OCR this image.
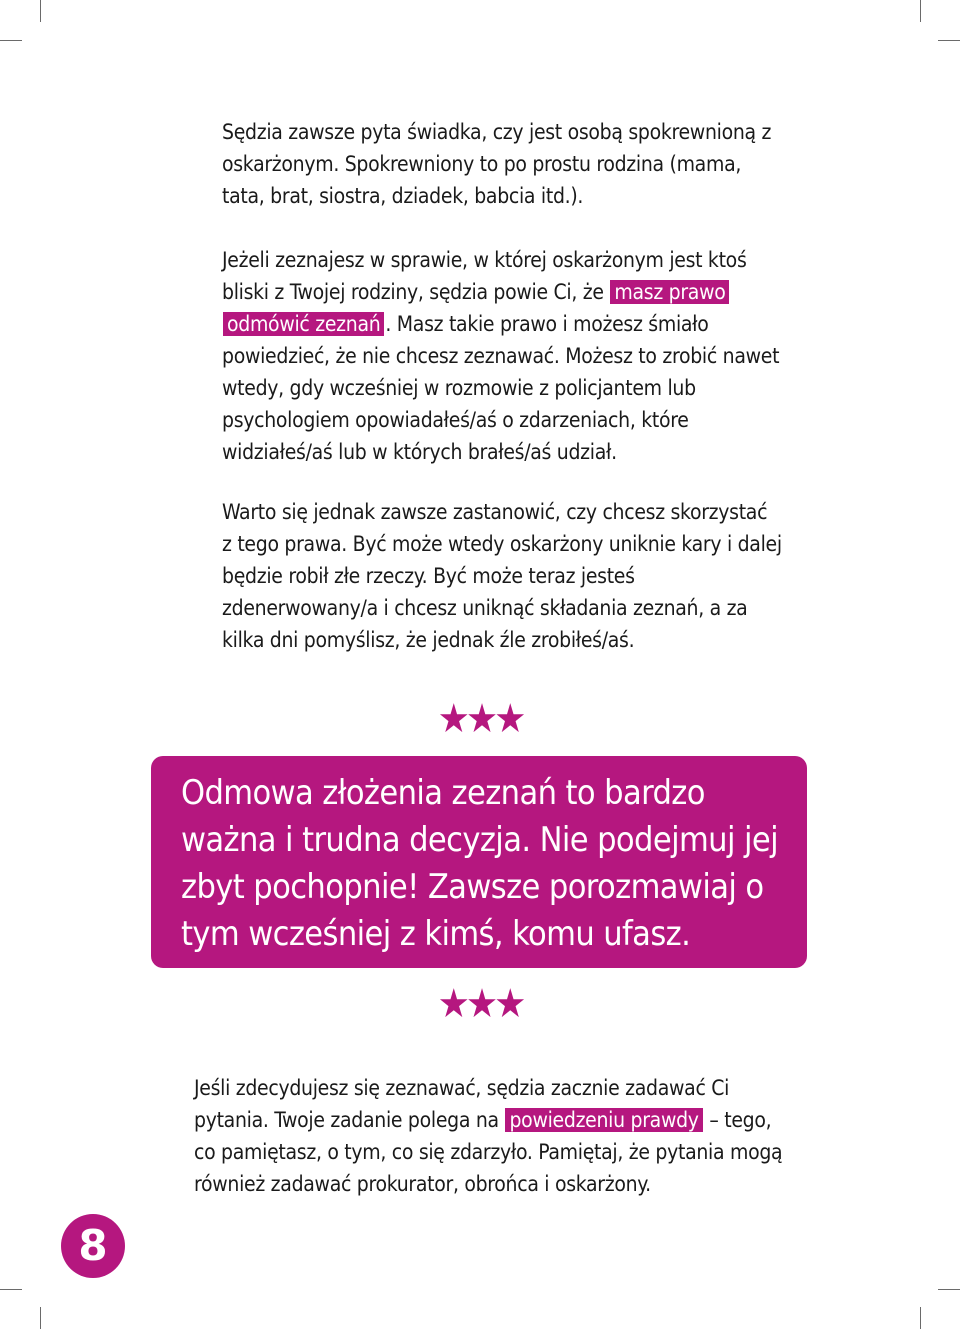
Sędzia zawsze pyta świadka, czy jest osobą spokrewnioną z oskarżonym. Spokrewniony to po prostu rodzina (mama, tata, brat, siostra, dziadek, babcia itd.).

Jeżeli zeznajesz w sprawie, w której oskarżonym jest ktoś bliski z Twojej rodziny, sędzia powie Ci, że masz prawo odmówić zeznań . Masz takie prawo i możesz śmiało powiedzieć, że nie chcesz zeznawać. Możesz to zrobić nawet wtedy, gdy wcześniej w rozmowie z policjantem lub psychologiem opowiadałeś/aś o zdarzeniach, które widziałeś/aś lub w których brałeś/aś udział.

Warto się jednak zawsze zastanowić, czy chcesz skorzystać z tego prawa. Być może wtedy oskarżony uniknie kary i dalej będzie robił złe rzeczy. Być może teraz jesteś zdenerwowany/a i chcesz uniknąć składania zeznań, a za kilka dni pomyślisz, że jednak źle zrobiłeś/aś.

★★★

Odmowa złożenia zeznań to bardzo ważna i trudna decyzja. Nie podejmuj jej zbyt pochopnie! Zawsze porozmawiaj o tym wcześniej z kimś, komu ufasz.

★★★

Jeśli zdecydujesz się zeznawać, sędzia zacznie zadawać Ci pytania. Twoje zadanie polega na powiedzeniu prawdy – tego, co pamiętasz, o tym, co się zdarzyło. Pamiętaj, że pytania mogą również zadawać prokurator, obrońca i oskarżony.

8
